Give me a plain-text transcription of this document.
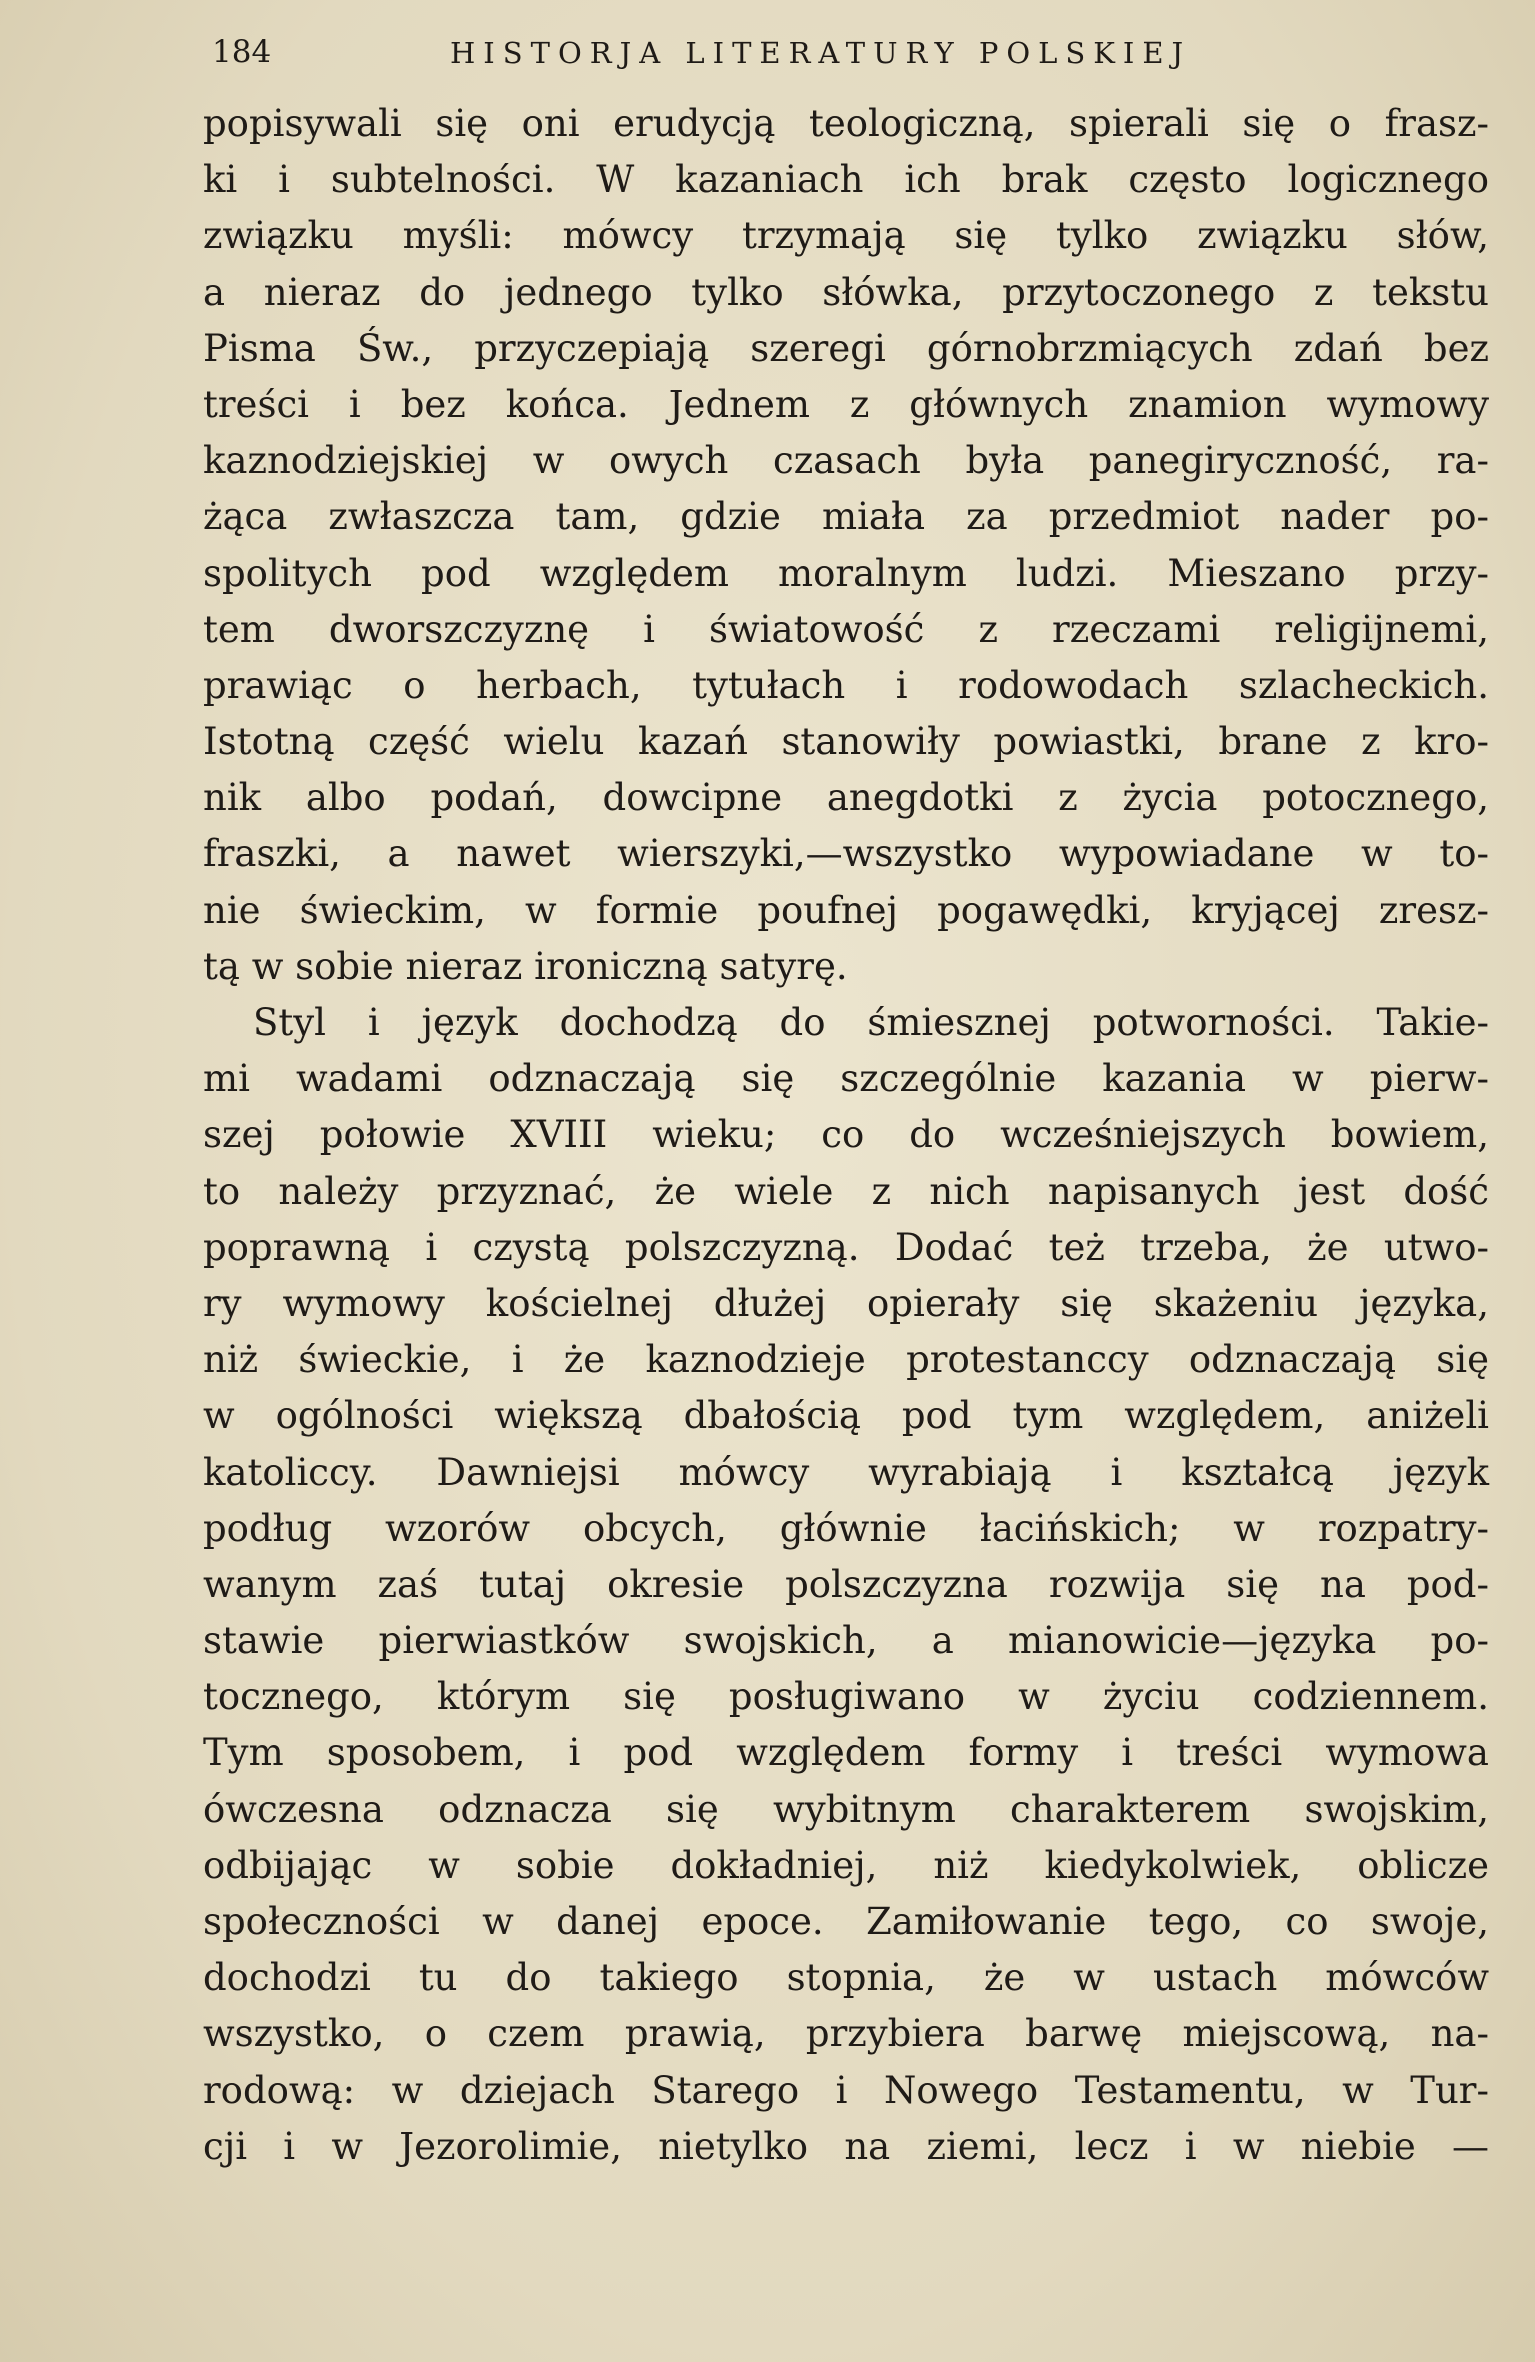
184	HISTORJA LITERATURY POLSKIEJ
popisywali się oni erudycją teologiczną, spierali się o frasz-
ki i subtelności. W kazaniach ich brak często logicznego
związku myśli: mówcy trzymają się tylko związku słów,
a nieraz do jednego tylko słówka, przytoczonego z tekstu
Pisma Św., przyczepiają szeregi górnobrzmiących zdań bez
treści i bez końca. Jednem z głównych znamion wymowy
kaznodziejskiej w owych czasach była panegiryczność, ra-
żąca zwłaszcza tam, gdzie miała za przedmiot nader po-
spolitych pod względem moralnym ludzi. Mieszano przy-
tem dworszczyznę i światowość z rzeczami religijnemi,
prawiąc o herbach, tytułach i rodowodach szlacheckich.
Istotną część wielu kazań stanowiły powiastki, brane z kro-
nik albo podań, dowcipne anegdotki z życia potocznego,
fraszki, a nawet wierszyki,—wszystko wypowiadane w to-
nie świeckim, w formie poufnej pogawędki, kryjącej zresz-
tą w sobie nieraz ironiczną satyrę.
Styl i język dochodzą do śmiesznej potworności. Takie-
mi wadami odznaczają się szczególnie kazania w pierw-
szej połowie XVIII wieku; co do wcześniejszych bowiem,
to należy przyznać, że wiele z nich napisanych jest dość
poprawną i czystą polszczyzną. Dodać też trzeba, że utwo-
ry wymowy kościelnej dłużej opierały się skażeniu języka,
niż świeckie, i że kaznodzieje protestanccy odznaczają się
w ogólności większą dbałością pod tym względem, aniżeli
katoliccy. Dawniejsi mówcy wyrabiają i kształcą język
podług wzorów obcych, głównie łacińskich; w rozpatry-
wanym zaś tutaj okresie polszczyzna rozwija się na pod-
stawie pierwiastków swojskich, a mianowicie—języka po-
tocznego, którym się posługiwano w życiu codziennem.
Tym sposobem, i pod względem formy i treści wymowa
ówczesna odznacza się wybitnym charakterem swojskim,
odbijając w sobie dokładniej, niż kiedykolwiek, oblicze
społeczności w danej epoce. Zamiłowanie tego, co swoje,
dochodzi tu do takiego stopnia, że w ustach mówców
wszystko, o czem prawią, przybiera barwę miejscową, na-
rodową: w dziejach Starego i Nowego Testamentu, w Tur-
cji i w Jezorolimie, nietylko na ziemi, lecz i w niebie —
